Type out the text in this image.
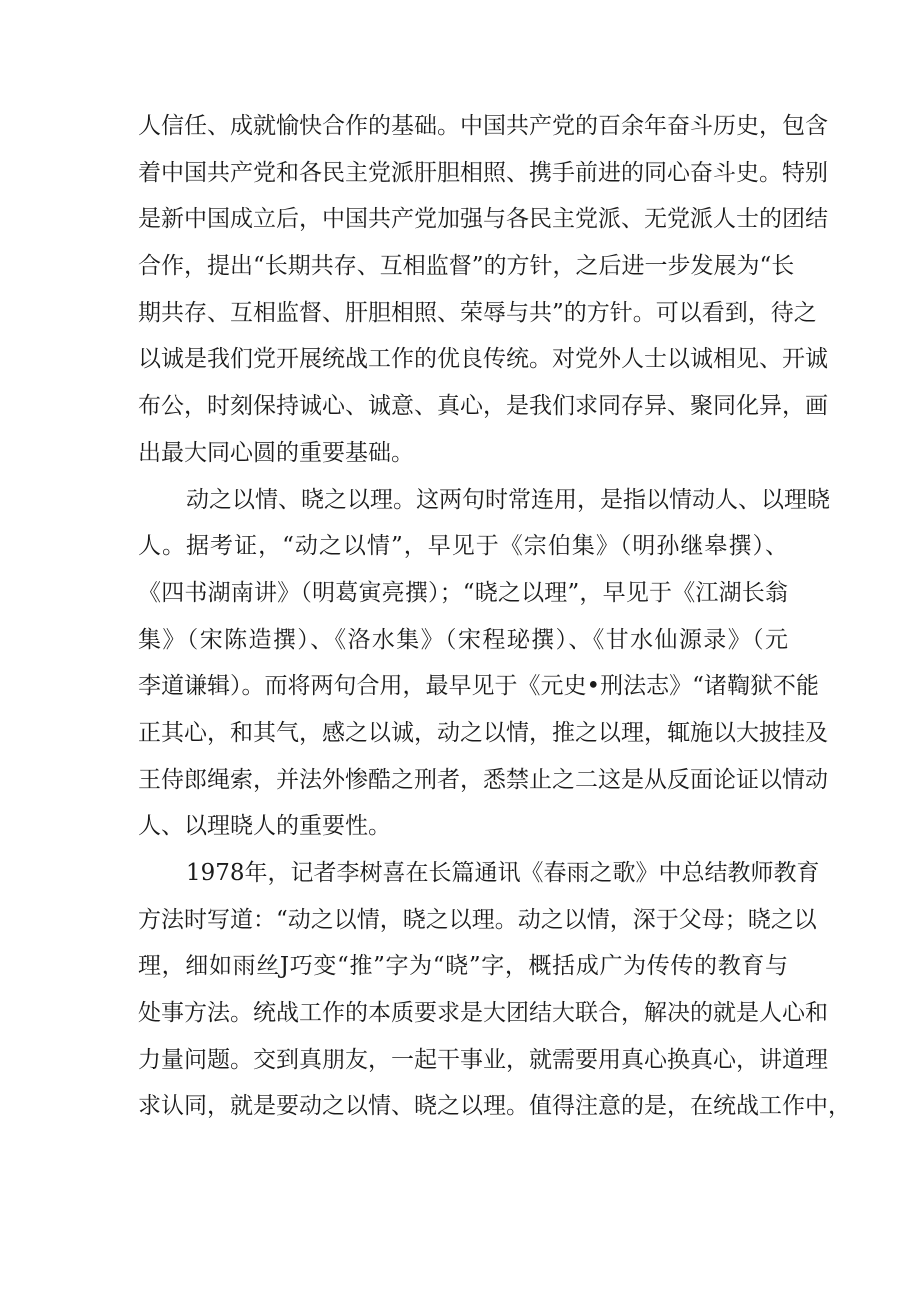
人信任、成就愉快合作的基础。中国共产党的百余年奋斗历史，包含
着中国共产党和各民主党派肝胆相照、携手前进的同心奋斗史。特别
是新中国成立后，中国共产党加强与各民主党派、无党派人士的团结
合作，提出“长期共存、互相监督”的方针，之后进一步发展为“长
期共存、互相监督、肝胆相照、荣辱与共”的方针。可以看到，待之
以诚是我们党开展统战工作的优良传统。对党外人士以诚相见、开诚
布公，时刻保持诚心、诚意、真心，是我们求同存异、聚同化异，画
出最大同心圆的重要基础。
动之以情、晓之以理。这两句时常连用，是指以情动人、以理晓
人。据考证，“动之以情”，早见于《宗伯集》（明孙继皋撰）、
《四书湖南讲》（明葛寅亮撰）；“晓之以理”，早见于《江湖长翁
集》（宋陈造撰）、《洛水集》（宋程珌撰）、《甘水仙源录》（元
李道谦辑）。而将两句合用，最早见于《元史•刑法志》“诸鞫狱不能
正其心，和其气，感之以诚，动之以情，推之以理，辄施以大披挂及
王侍郎绳索，并法外惨酷之刑者，悉禁止之二这是从反面论证以情动
人、以理晓人的重要性。
1978年，记者李树喜在长篇通讯《春雨之歌》中总结教师教育
方法时写道：“动之以情，晓之以理。动之以情，深于父母；晓之以
理，细如雨丝J巧变“推”字为“晓”字，概括成广为传传的教育与
处事方法。统战工作的本质要求是大团结大联合，解决的就是人心和
力量问题。交到真朋友，一起干事业，就需要用真心换真心，讲道理
求认同，就是要动之以情、晓之以理。值得注意的是，在统战工作中，
